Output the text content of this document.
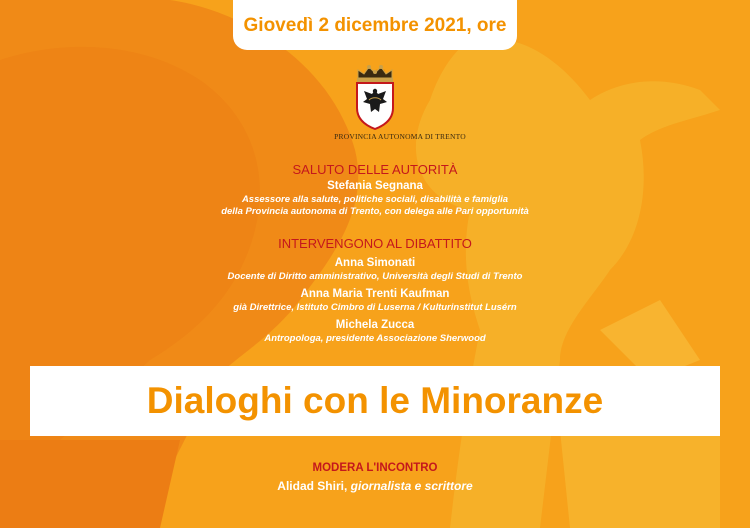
Giovedì 2 dicembre 2021, ore
PROVINCIA AUTONOMA DI TRENTO
SALUTO DELLE AUTORITÀ
Stefania Segnana
Assessore alla salute, politiche sociali, disabilità e famiglia
della Provincia autonoma di Trento, con delega alle Pari opportunità
INTERVENGONO AL DIBATTITO
Anna Simonati
Docente di Diritto amministrativo, Università degli Studi di Trento
Anna Maria Trenti Kaufman
già Direttrice, Istituto Cimbro di Luserna / Kulturinstitut Lusérn
Michela Zucca
Antropologa, presidente Associazione Sherwood
Dialoghi con le Minoranze
MODERA L'INCONTRO
Alidad Shiri, giornalista e scrittore
